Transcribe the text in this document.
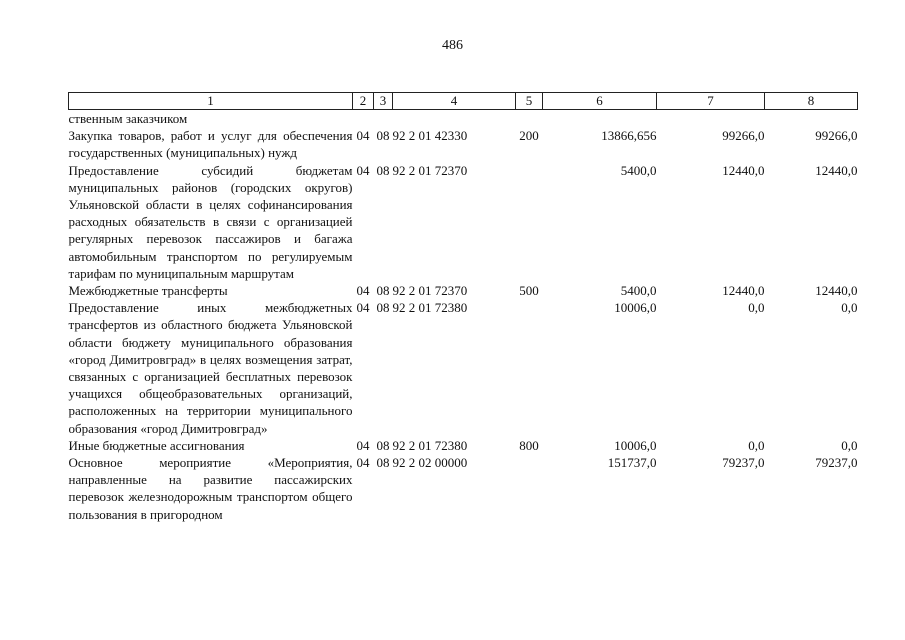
486
1	2	3	4	5	6	7	8
ственным заказчиком							
Закупка товаров, работ и услуг для обеспечения государственных (муниципальных) нужд	04	08	92 2 01 42330	200	13866,656	99266,0	99266,0
Предоставление субсидий бюджетам муниципальных районов (городских округов) Ульяновской области в целях софинансирования расходных обязательств в связи с организацией регулярных перевозок пассажиров и багажа автомобильным транспортом по регулируемым тарифам по муниципальным маршрутам	04	08	92 2 01 72370		5400,0	12440,0	12440,0
Межбюджетные трансферты	04	08	92 2 01 72370	500	5400,0	12440,0	12440,0
Предоставление иных межбюджетных трансфертов из областного бюджета Ульяновской области бюджету муниципального образования «город Димитровград» в целях возмещения затрат, связанных с организацией бесплатных перевозок учащихся общеобразовательных организаций, расположенных на территории муниципального образования «город Димитровград»	04	08	92 2 01 72380		10006,0	0,0	0,0
Иные бюджетные ассигнования	04	08	92 2 01 72380	800	10006,0	0,0	0,0
Основное мероприятие «Мероприятия, направленные на развитие пассажирских перевозок железнодорожным транспортом общего пользования в пригородном	04	08	92 2 02 00000		151737,0	79237,0	79237,0
